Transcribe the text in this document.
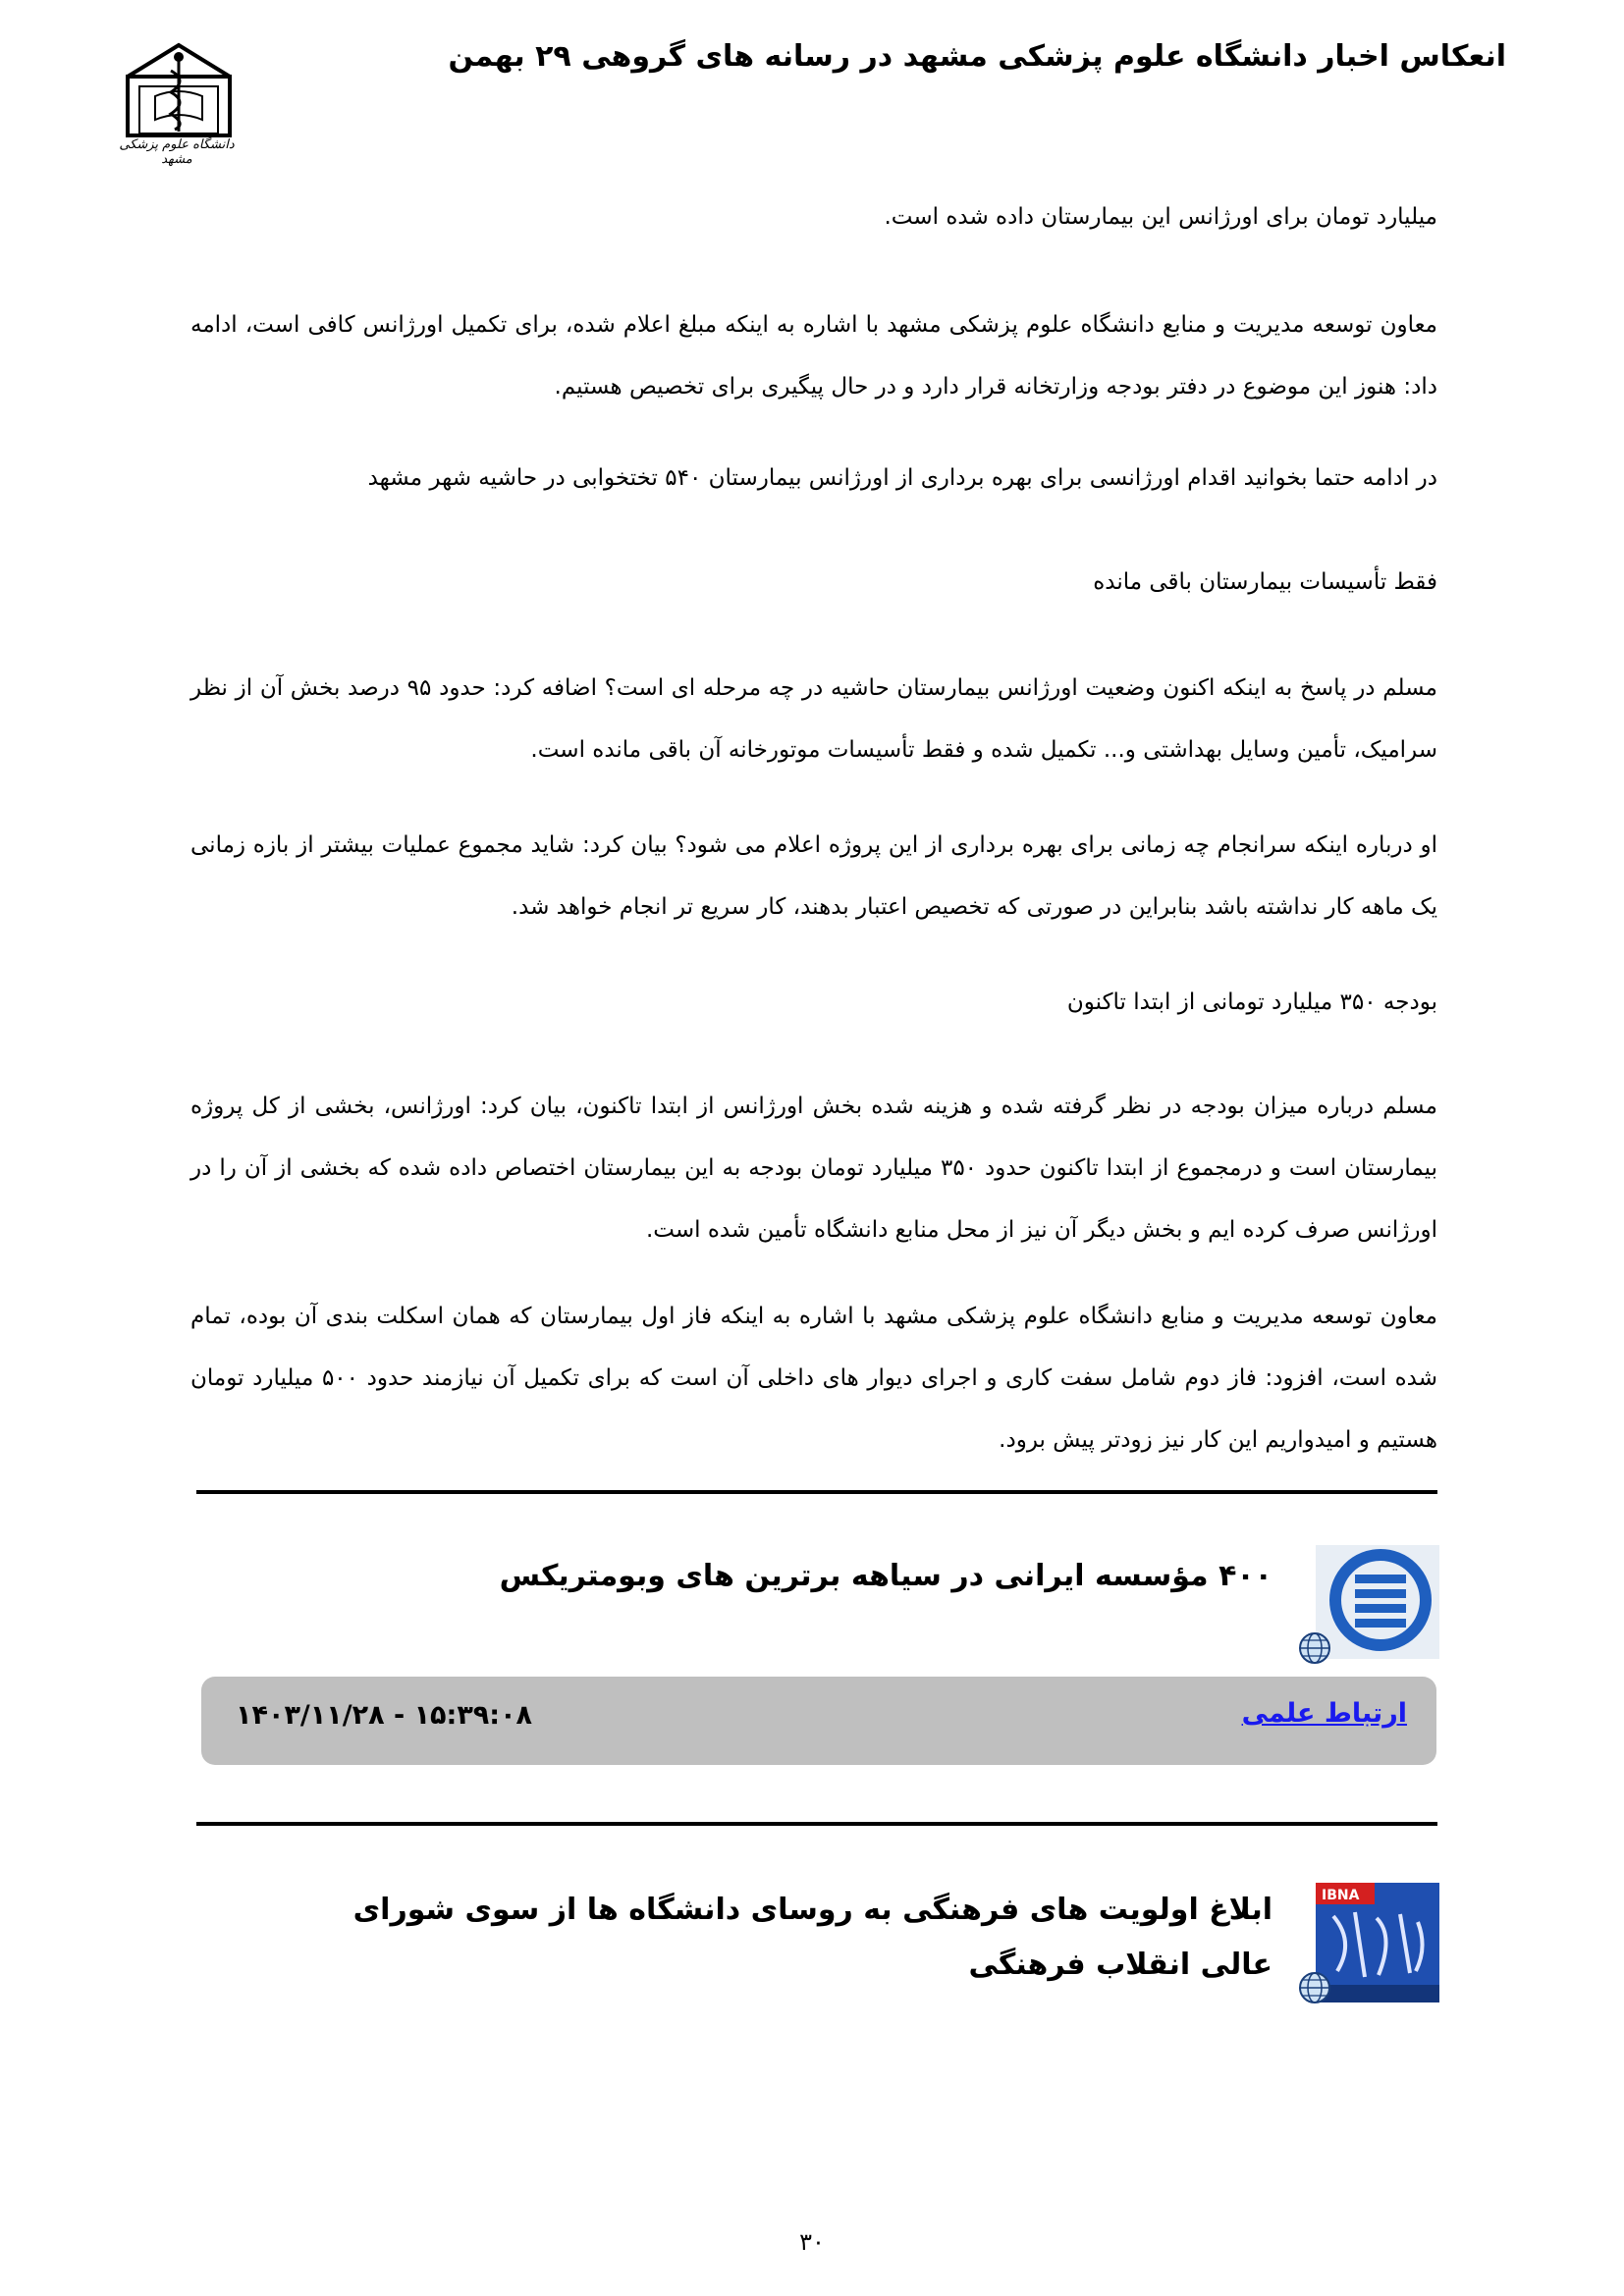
انعکاس اخبار دانشگاه علوم پزشکی مشهد در رسانه های گروهی ۲۹ بهمن
دانشگاه علوم پزشکی مشهد
میلیارد تومان برای اورژانس این بیمارستان داده شده است.
معاون توسعه مدیریت و منابع دانشگاه علوم پزشکی مشهد با اشاره به اینکه مبلغ اعلام شده، برای تکمیل اورژانس کافی است، ادامه داد: هنوز این موضوع در دفتر بودجه وزارتخانه قرار دارد و در حال پیگیری برای تخصیص هستیم.
در ادامه حتما بخوانید اقدام اورژانسی برای بهره برداری از اورژانس بیمارستان ۵۴۰ تختخوابی در حاشیه شهر مشهد
فقط تأسیسات بیمارستان باقی مانده
مسلم در پاسخ به اینکه اکنون وضعیت اورژانس بیمارستان حاشیه در چه مرحله ای است؟ اضافه کرد: حدود ۹۵ درصد بخش آن از نظر سرامیک، تأمین وسایل بهداشتی و... تکمیل شده و فقط تأسیسات موتورخانه آن باقی مانده است.
او درباره اینکه سرانجام چه زمانی برای بهره برداری از این پروژه اعلام می شود؟ بیان کرد: شاید مجموع عملیات بیشتر از بازه زمانی یک ماهه کار نداشته باشد بنابراین در صورتی که تخصیص اعتبار بدهند، کار سریع تر انجام خواهد شد.
بودجه ۳۵۰ میلیارد تومانی از ابتدا تاکنون
مسلم درباره میزان بودجه در نظر گرفته شده و هزینه شده بخش اورژانس از ابتدا تاکنون، بیان کرد: اورژانس، بخشی از کل پروژه بیمارستان است و درمجموع از ابتدا تاکنون حدود ۳۵۰ میلیارد تومان بودجه به این بیمارستان اختصاص داده شده که بخشی از آن را در اورژانس صرف کرده ایم و بخش دیگر آن نیز از محل منابع دانشگاه تأمین شده است.
معاون توسعه مدیریت و منابع دانشگاه علوم پزشکی مشهد با اشاره به اینکه فاز اول بیمارستان که همان اسکلت بندی آن بوده، تمام شده است، افزود: فاز دوم شامل سفت کاری و اجرای دیوار های داخلی آن است که برای تکمیل آن نیازمند حدود ۵۰۰ میلیارد تومان هستیم و امیدواریم این کار نیز زودتر پیش برود.
۴۰۰ مؤسسه ایرانی در سیاهه برترین های وبومتریکس
ارتباط علمی
۱۴۰۳/۱۱/۲۸ - ۱۵:۳۹:۰۸
IBNA
ابلاغ اولویت های فرهنگی به روسای دانشگاه ها از سوی شورای عالی انقلاب فرهنگی
۳۰
